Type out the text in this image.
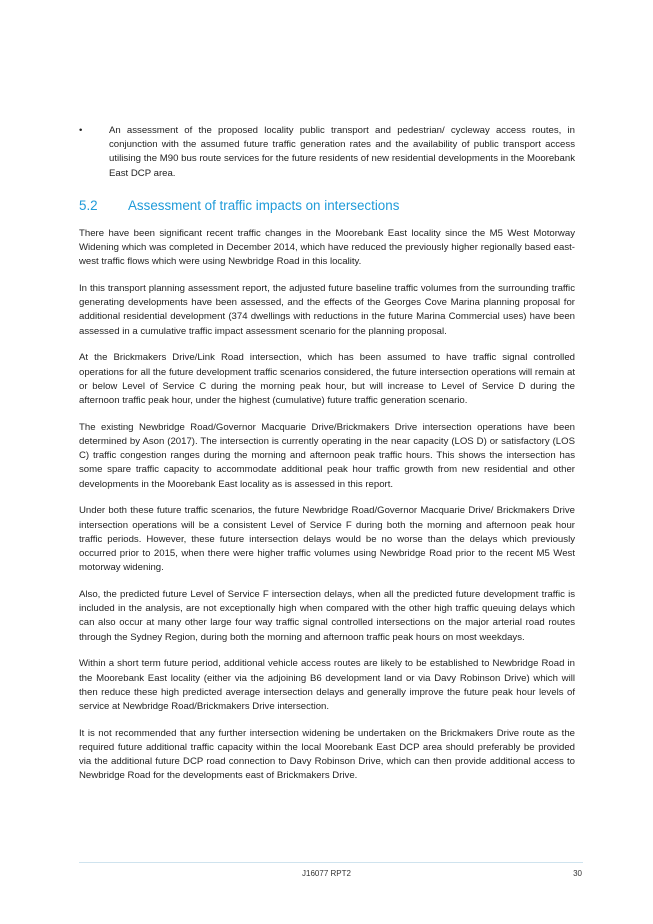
•	An assessment of the proposed locality public transport and pedestrian/ cycleway access routes, in conjunction with the assumed future traffic generation rates and the availability of public transport access utilising the M90 bus route services for the future residents of new residential developments in the Moorebank East DCP area.
5.2	Assessment of traffic impacts on intersections

There have been significant recent traffic changes in the Moorebank East locality since the M5 West Motorway Widening which was completed in December 2014, which have reduced the previously higher regionally based east-west traffic flows which were using Newbridge Road in this locality.

In this transport planning assessment report, the adjusted future baseline traffic volumes from the surrounding traffic generating developments have been assessed, and the effects of the Georges Cove Marina planning proposal for additional residential development (374 dwellings with reductions in the future Marina Commercial uses) have been assessed in a cumulative traffic impact assessment scenario for the planning proposal.

At the Brickmakers Drive/Link Road intersection, which has been assumed to have traffic signal controlled operations for all the future development traffic scenarios considered, the future intersection operations will remain at or below Level of Service C during the morning peak hour, but will increase to Level of Service D during the afternoon traffic peak hour, under the highest (cumulative) future traffic generation scenario.

The existing Newbridge Road/Governor Macquarie Drive/Brickmakers Drive intersection operations have been determined by Ason (2017). The intersection is currently operating in the near capacity (LOS D) or satisfactory (LOS C) traffic congestion ranges during the morning and afternoon peak traffic hours. This shows the intersection has some spare traffic capacity to accommodate additional peak hour traffic growth from new residential and other developments in the Moorebank East locality as is assessed in this report.

Under both these future traffic scenarios, the future Newbridge Road/Governor Macquarie Drive/ Brickmakers Drive intersection operations will be a consistent Level of Service F during both the morning and afternoon peak hour traffic periods. However, these future intersection delays would be no worse than the delays which previously occurred prior to 2015, when there were higher traffic volumes using Newbridge Road prior to the recent M5 West motorway widening.

Also, the predicted future Level of Service F intersection delays, when all the predicted future development traffic is included in the analysis, are not exceptionally high when compared with the other high traffic queuing delays which can also occur at many other large four way traffic signal controlled intersections on the major arterial road routes through the Sydney Region, during both the morning and afternoon traffic peak hours on most weekdays.

Within a short term future period, additional vehicle access routes are likely to be established to Newbridge Road in the Moorebank East locality (either via the adjoining B6 development land or via Davy Robinson Drive) which will then reduce these high predicted average intersection delays and generally improve the future peak hour levels of service at Newbridge Road/Brickmakers Drive intersection.

It is not recommended that any further intersection widening be undertaken on the Brickmakers Drive route as the required future additional traffic capacity within the local Moorebank East DCP area should preferably be provided via the additional future DCP road connection to Davy Robinson Drive, which can then provide additional access to Newbridge Road for the developments east of Brickmakers Drive.

J16077 RPT2	30
